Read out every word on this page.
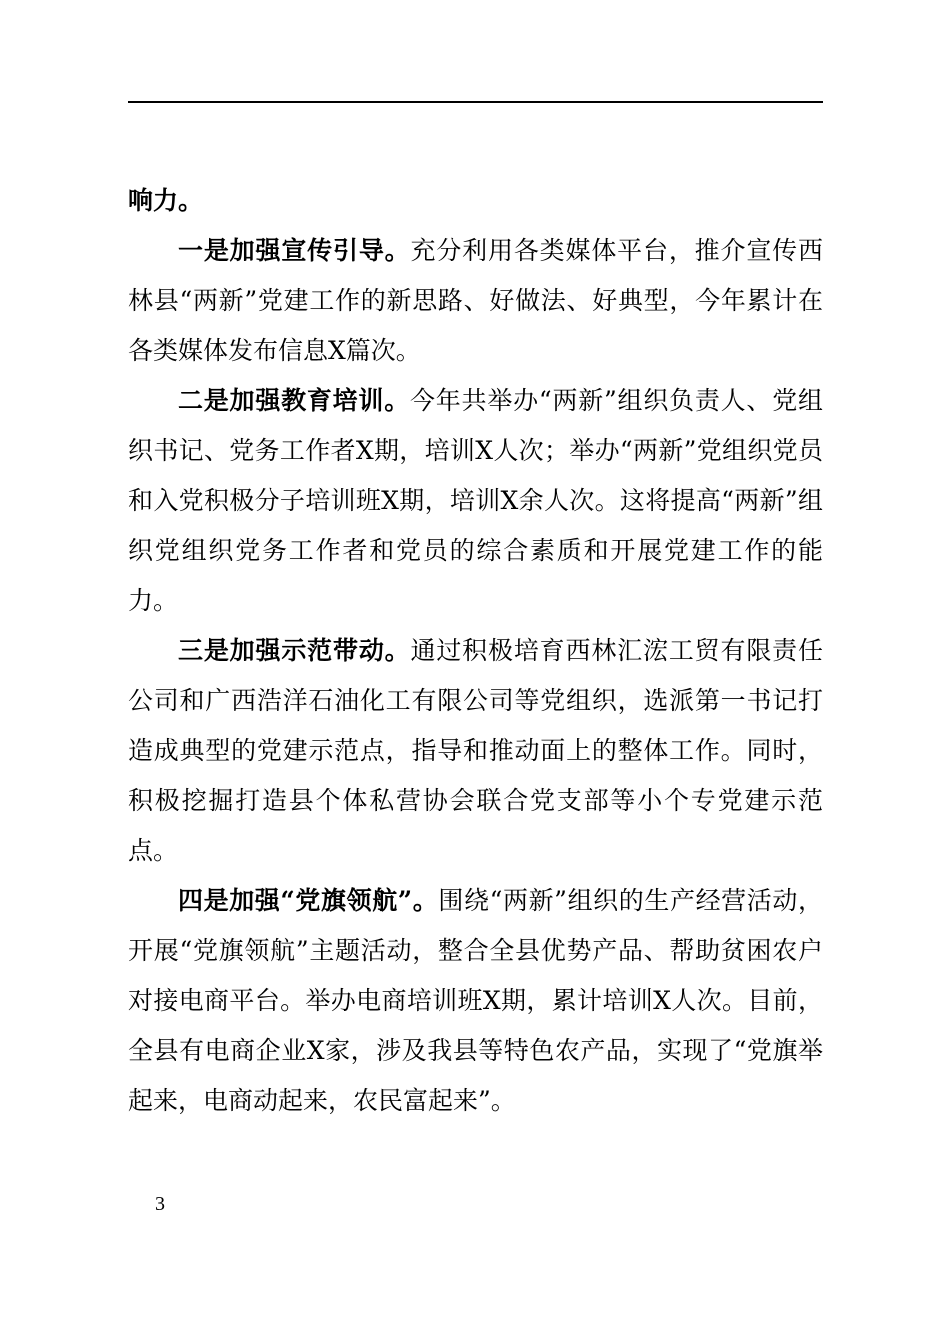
响力。

一是加强宣传引导。充分利用各类媒体平台，推介宣传西林县“两新”党建工作的新思路、好做法、好典型，今年累计在各类媒体发布信息X篇次。

二是加强教育培训。今年共举办“两新”组织负责人、党组织书记、党务工作者X期，培训X人次；举办“两新”党组织党员和入党积极分子培训班X期，培训X余人次。这将提高“两新”组织党组织党务工作者和党员的综合素质和开展党建工作的能力。

三是加强示范带动。通过积极培育西林汇浤工贸有限责任公司和广西浩洋石油化工有限公司等党组织，选派第一书记打造成典型的党建示范点，指导和推动面上的整体工作。同时，积极挖掘打造县个体私营协会联合党支部等小个专党建示范点。

四是加强“党旗领航”。围绕“两新”组织的生产经营活动，开展“党旗领航”主题活动，整合全县优势产品、帮助贫困农户对接电商平台。举办电商培训班X期，累计培训X人次。目前，全县有电商企业X家，涉及我县等特色农产品，实现了“党旗举起来，电商动起来，农民富起来”。

3
